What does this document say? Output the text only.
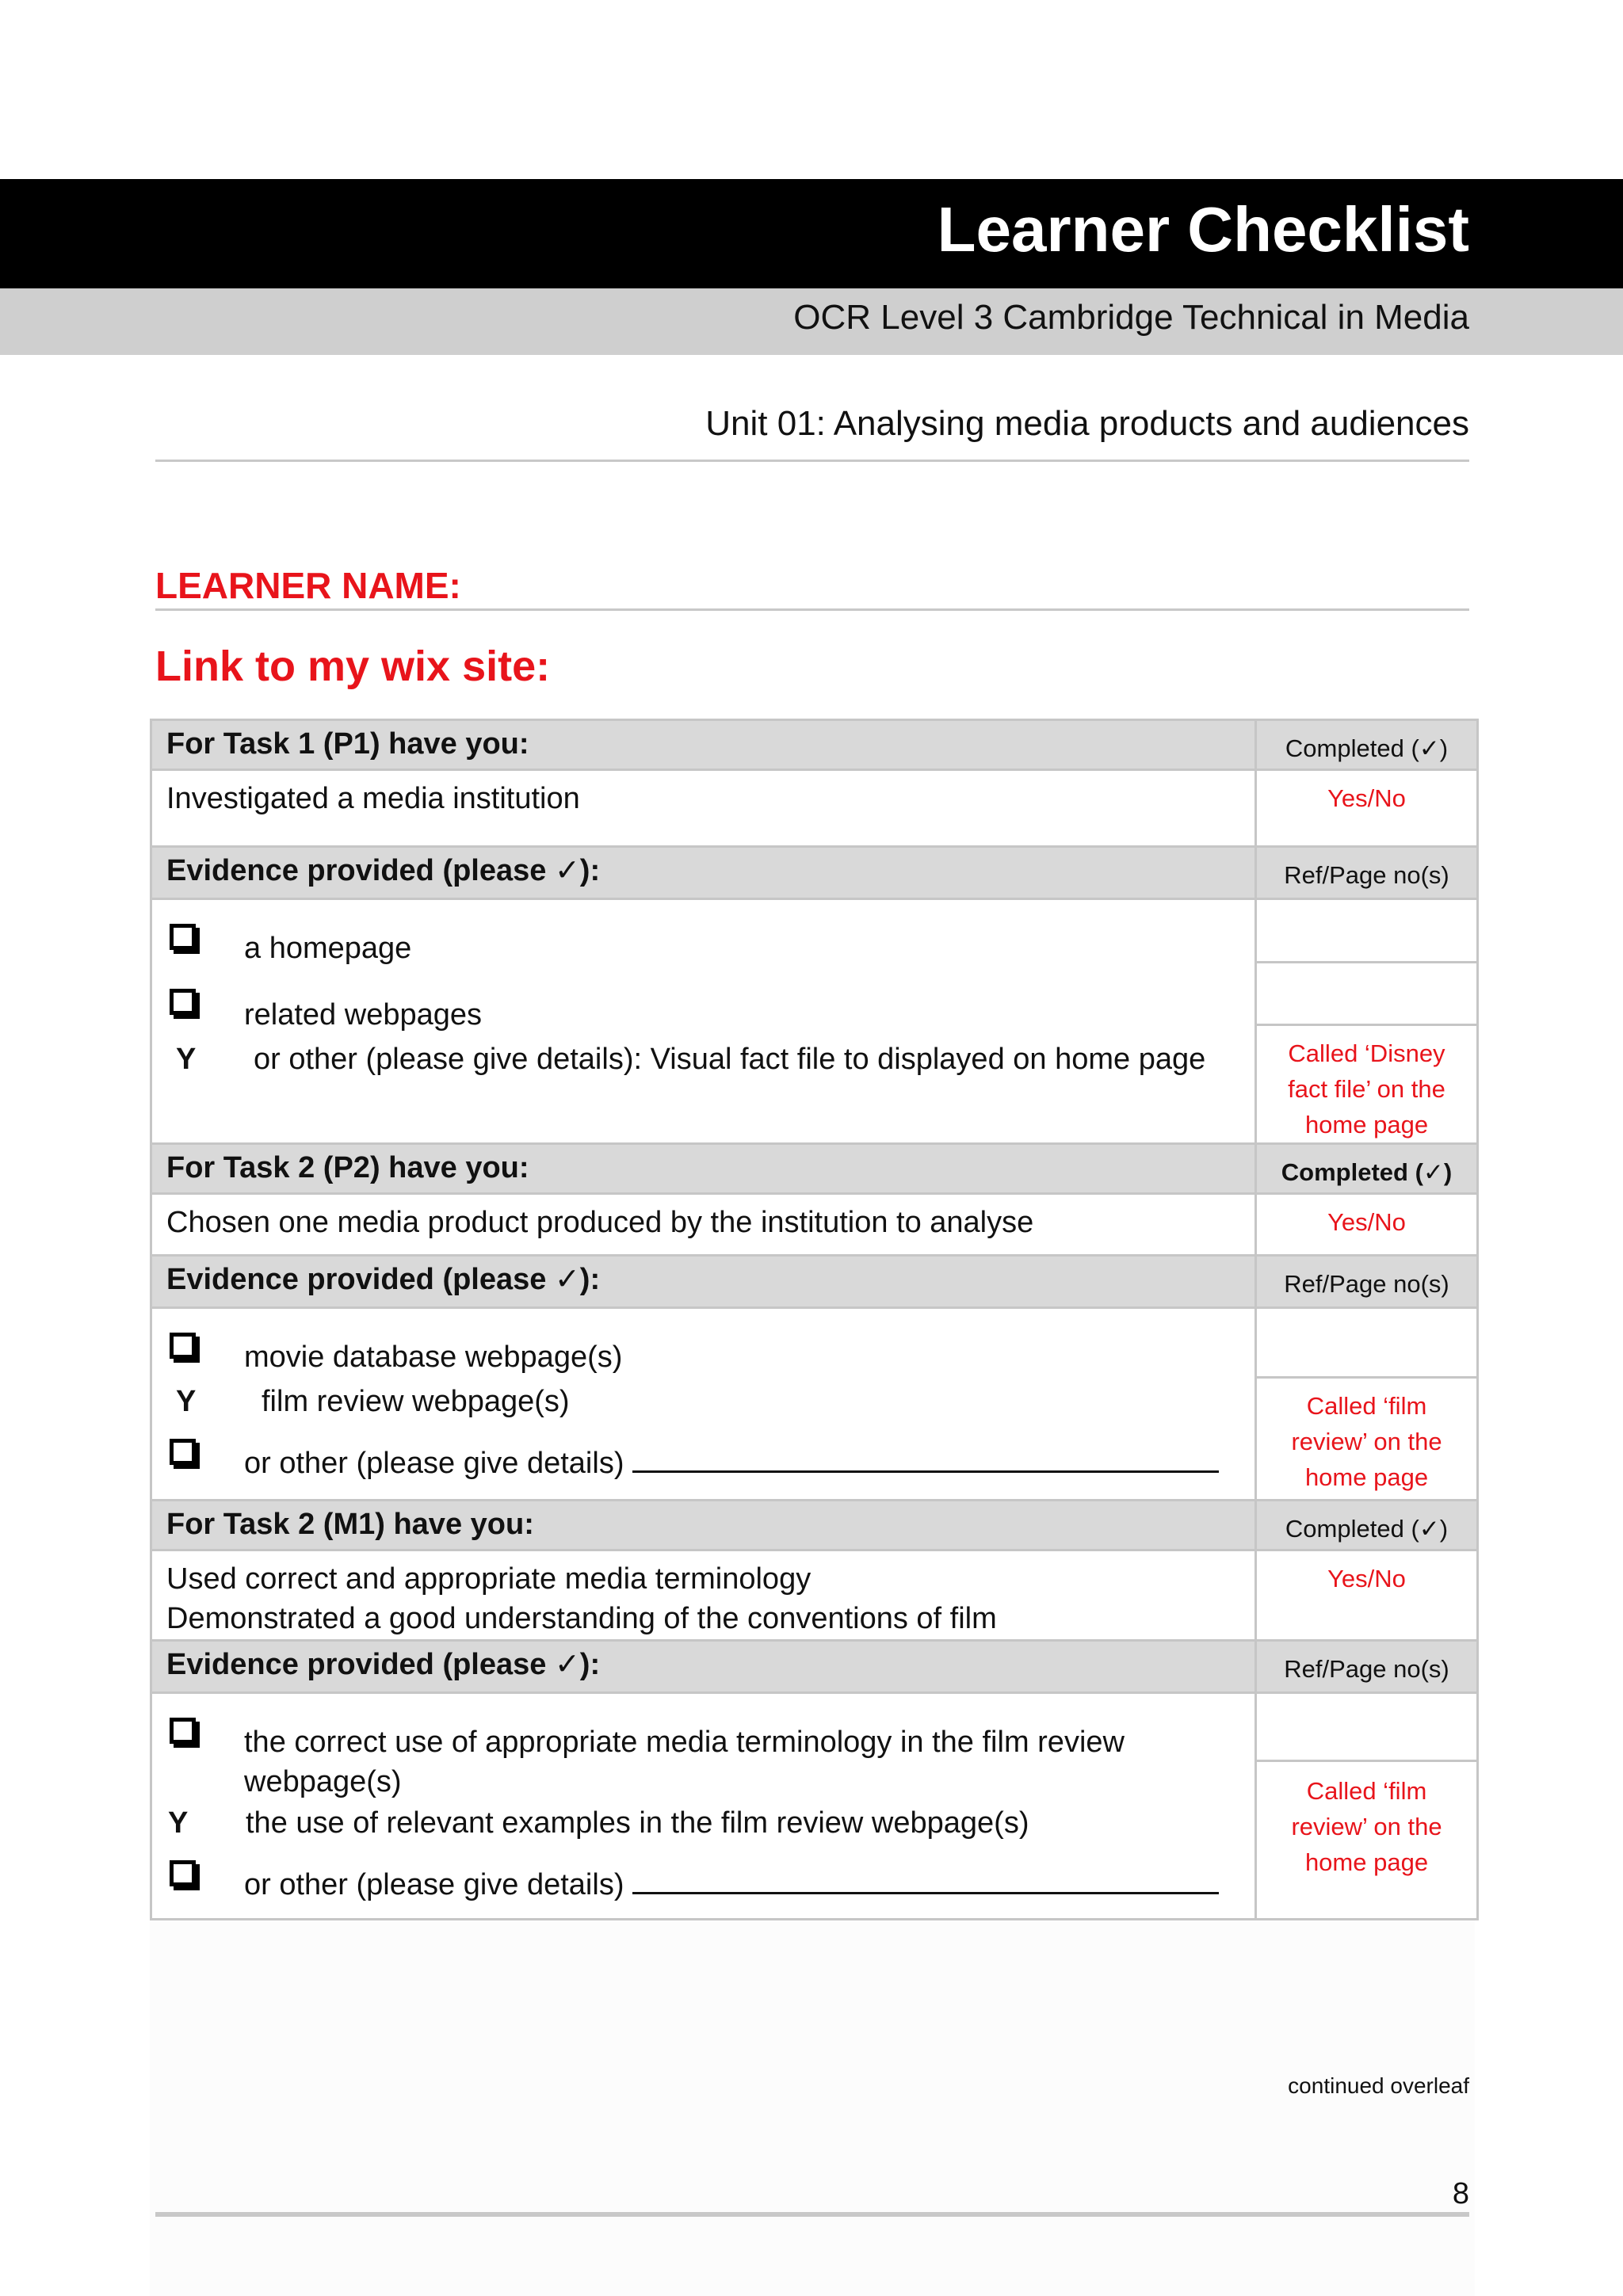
Learner Checklist
OCR Level 3 Cambridge Technical in Media
Unit 01: Analysing media products and audiences
LEARNER NAME:
Link to my wix site:
For Task 1 (P1) have you:	Completed (✓)
Investigated a media institution	Yes/No
Evidence provided (please ✓):	Ref/Page no(s)

a homepage
related webpages
Y or other (please give details): Visual fact file to displayed on home page	Called ‘Disney fact file’ on the home page

For Task 2 (P2) have you:	Completed (✓)
Chosen one media product produced by the institution to analyse	Yes/No
Evidence provided (please ✓):	Ref/Page no(s)

movie database webpage(s)
Y film review webpage(s)
or other (please give details)	Called ‘film review’ on the home page

For Task 2 (M1) have you:	Completed (✓)

Used correct and appropriate media terminology
Demonstrated a good understanding of the conventions of film	Yes/No
Evidence provided (please ✓):	Ref/Page no(s)

the correct use of appropriate media terminology in the film review webpage(s)
Y the use of relevant examples in the film review webpage(s)
or other (please give details)	Called ‘film review’ on the home page
continued overleaf
8
